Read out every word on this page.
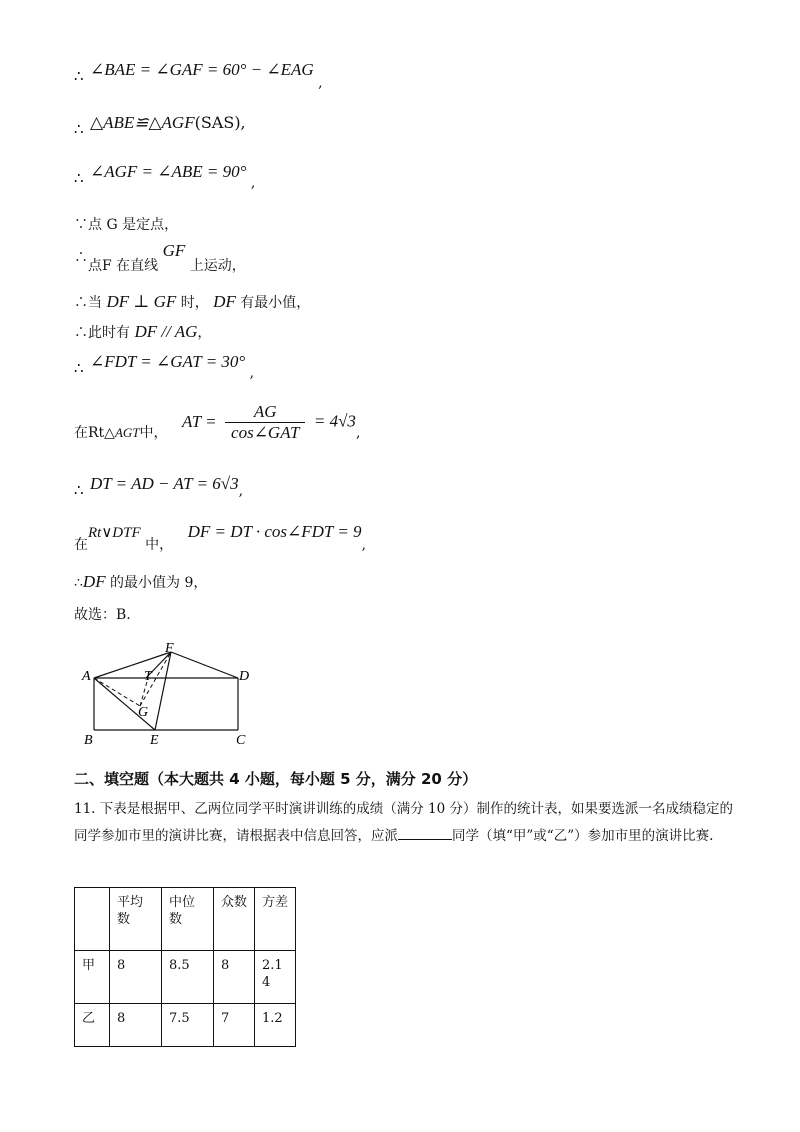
∴ ∠BAE = ∠GAF = 60° − ∠EAG ,
∴ △ABE≌△AGF(SAS),
∴ ∠AGF = ∠ABE = 90° ,
∵点 G 是定点，
∴点F 在直线 GF 上运动，
∴当 DF ⊥ GF 时， DF 有最小值，
∴此时有 DF // AG，
∴ ∠FDT = ∠GAT = 30° ,
在Rt△AGT中， AT = $\frac{AG}{\text{cos∠GAT}} = 4√3$,
∴ DT = AD − AT = 6√3,
在Rt∨DTF 中， DF = DT · cos∠FDT = 9,
∴DF 的最小值为 9，
故选：B.
A
B	C
D
E
F
G
T
二、填空题（本大题共 4 小题，每小题 5 分，满分 20 分）
11. 下表是根据甲、乙两位同学平时演讲训练的成绩（满分 10 分）制作的统计表，如果要选派一名成绩稳定的同学参加市里的演讲比赛，请根据表中信息回答，应派	同学（填“甲”或“乙”）参加市里的演讲比赛.
	平均数	中位数	众数	方差
甲	8	8.5	8	2.14
乙	8	7.5	7	1.2
